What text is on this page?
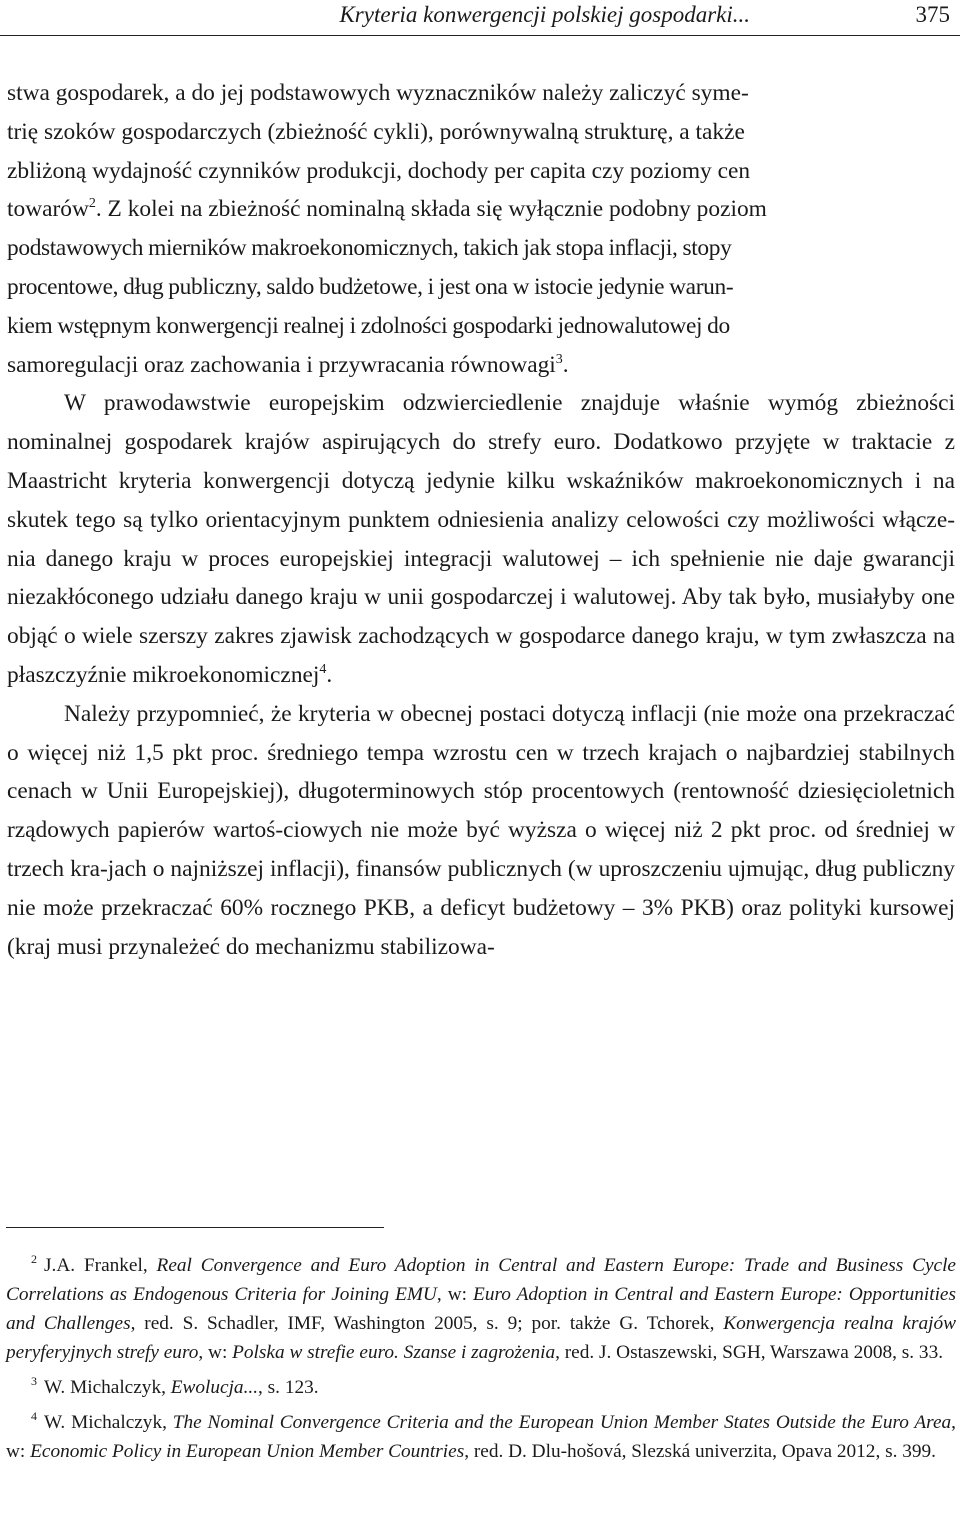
Kryteria konwergencji polskiej gospodarki...	375

stwa gospodarek, a do jej podstawowych wyznaczników należy zaliczyć syme-
trię szoków gospodarczych (zbieżność cykli), porównywalną strukturę, a także
zbliżoną wydajność czynników produkcji, dochody per capita czy poziomy cen
towarów$^2$. Z kolei na zbieżność nominalną składa się wyłącznie podobny poziom
podstawowych mierników makroekonomicznych, takich jak stopa inflacji, stopy
procentowe, dług publiczny, saldo budżetowe, i jest ona w istocie jedynie warun-
kiem wstępnym konwergencji realnej i zdolności gospodarki jednowalutowej do
samoregulacji oraz zachowania i przywracania równowagi$^3$.

W prawodawstwie europejskim odzwierciedlenie znajduje właśnie wymóg zbieżności nominalnej gospodarek krajów aspirujących do strefy euro. Dodatkowo przyjęte w traktacie z Maastricht kryteria konwergencji dotyczą jedynie kilku wskaźników makroekonomicznych i na skutek tego są tylko orientacyjnym punktem odniesienia analizy celowości czy możliwości włącze-nia danego kraju w proces europejskiej integracji walutowej – ich spełnienie nie daje gwarancji niezakłóconego udziału danego kraju w unii gospodarczej i walutowej. Aby tak było, musiałyby one objąć o wiele szerszy zakres zjawisk zachodzących w gospodarce danego kraju, w tym zwłaszcza na płaszczyźnie mikroekonomicznej$^4$.

Należy przypomnieć, że kryteria w obecnej postaci dotyczą inflacji (nie może ona przekraczać o więcej niż 1,5 pkt proc. średniego tempa wzrostu cen w trzech krajach o najbardziej stabilnych cenach w Unii Europejskiej), długoterminowych stóp procentowych (rentowność dziesięcioletnich rządowych papierów wartoś-ciowych nie może być wyższa o więcej niż 2 pkt proc. od średniej w trzech kra-jach o najniższej inflacji), finansów publicznych (w uproszczeniu ujmując, dług publiczny nie może przekraczać 60% rocznego PKB, a deficyt budżetowy – 3% PKB) oraz polityki kursowej (kraj musi przynależeć do mechanizmu stabilizowa-

$^2$ J.A. Frankel, Real Convergence and Euro Adoption in Central and Eastern Europe: Trade and Business Cycle Correlations as Endogenous Criteria for Joining EMU, w: Euro Adoption in Central and Eastern Europe: Opportunities and Challenges, red. S. Schadler, IMF, Washington 2005, s. 9; por. także G. Tchorek, Konwergencja realna krajów peryferyjnych strefy euro, w: Polska w strefie euro. Szanse i zagrożenia, red. J. Ostaszewski, SGH, Warszawa 2008, s. 33.

$^3$ W. Michalczyk, Ewolucja..., s. 123.

$^4$ W. Michalczyk, The Nominal Convergence Criteria and the European Union Member States Outside the Euro Area, w: Economic Policy in European Union Member Countries, red. D. Dlu-hošová, Slezská univerzita, Opava 2012, s. 399.
